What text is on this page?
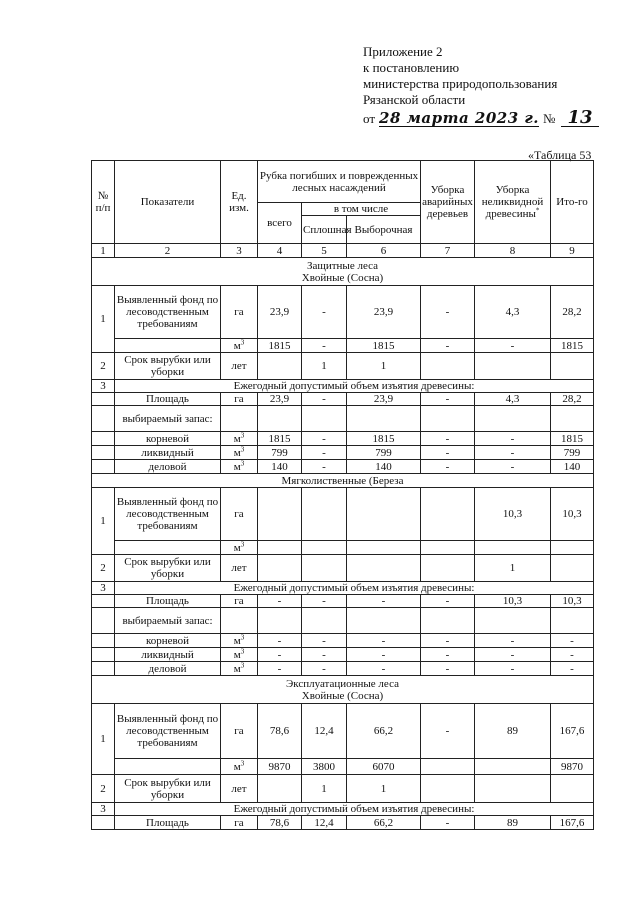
Приложение 2
к постановлению
министерства природопользования
Рязанской области
от 28 марта 2023 г. № 13
«Таблица 53
№ п/п	Показатели	Ед. изм.	Рубка погибших и поврежденных лесных насаждений			Уборка аварийных деревьев	Уборка неликвидной древесины*	Ито-го
			всего	в том числе				
				Сплошная	Выборочная			
1	2	3	4	5	6	7	8	9

Защитные леса
Хвойные (Сосна)								

1	Выявленный фонд по лесоводственным требованиям	га	23,9	-	23,9	-	4,3	28,2
		$м^3$	1815	-	1815	-	-	1815
2	Срок вырубки или уборки	лет		1	1			
3	Ежегодный допустимый объем изъятия древесины:							
	Площадь	га	23,9	-	23,9	-	4,3	28,2
	выбираемый запас:							
	корневой	$м^3$	1815	-	1815	-	-	1815
	ликвидный	$м^3$	799	-	799	-	-	799
	деловой	$м^3$	140	-	140	-	-	140
Мягколиственные (Береза								
1	Выявленный фонд по лесоводственным требованиям	га					10,3	10,3
		$м^3$						
2	Срок вырубки или уборки	лет					1	
3	Ежегодный допустимый объем изъятия древесины:							
	Площадь	га	-	-	-	-	10,3	10,3
	выбираемый запас:							
	корневой	$м^3$	-	-	-	-	-	-
	ликвидный	$м^3$	-	-	-	-	-	-
	деловой	$м^3$	-	-	-	-	-	-

Эксплуатационные леса
Хвойные (Сосна)								

1	Выявленный фонд по лесоводственным требованиям	га	78,6	12,4	66,2	-	89	167,6
		$м^3$	9870	3800	6070			9870
2	Срок вырубки или уборки	лет		1	1			
3	Ежегодный допустимый объем изъятия древесины:							
	Площадь	га	78,6	12,4	66,2	-	89	167,6
